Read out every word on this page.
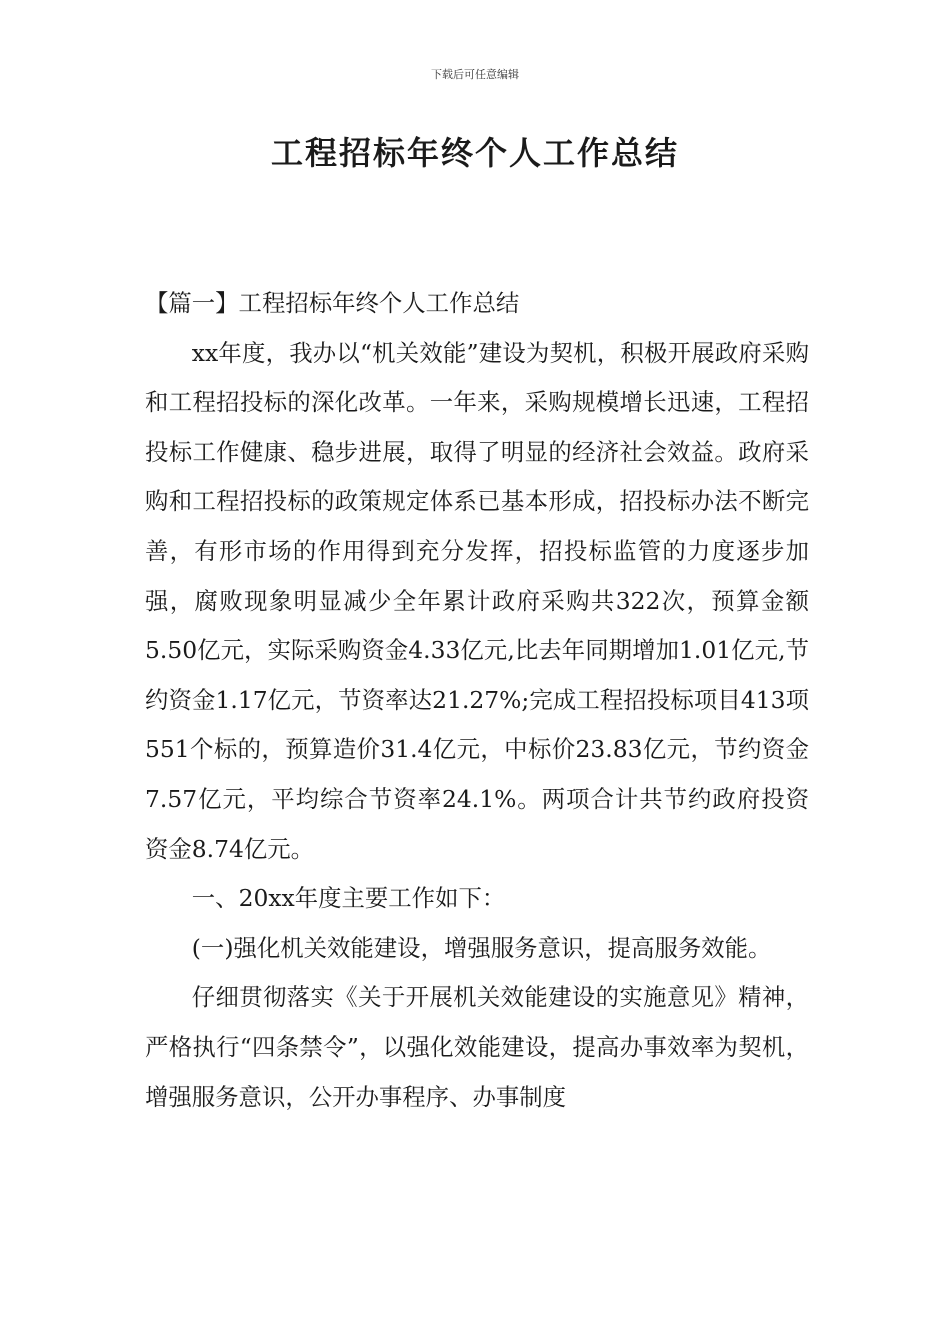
下载后可任意编辑
工程招标年终个人工作总结

【篇一】工程招标年终个人工作总结

xx年度，我办以“机关效能”建设为契机，积极开展政府采购和工程招投标的深化改革。一年来，采购规模增长迅速，工程招投标工作健康、稳步进展，取得了明显的经济社会效益。政府采购和工程招投标的政策规定体系已基本形成，招投标办法不断完善，有形市场的作用得到充分发挥，招投标监管的力度逐步加强，腐败现象明显减少全年累计政府采购共322次，预算金额5.50亿元，实际采购资金4.33亿元,比去年同期增加1.01亿元,节约资金1.17亿元，节资率达21.27%;完成工程招投标项目413项551个标的，预算造价31.4亿元，中标价23.83亿元，节约资金7.57亿元，平均综合节资率24.1%。两项合计共节约政府投资资金8.74亿元。

一、20xx年度主要工作如下：

(一)强化机关效能建设，增强服务意识，提高服务效能。

仔细贯彻落实《关于开展机关效能建设的实施意见》精神，严格执行“四条禁令”，以强化效能建设，提高办事效率为契机，增强服务意识，公开办事程序、办事制度
